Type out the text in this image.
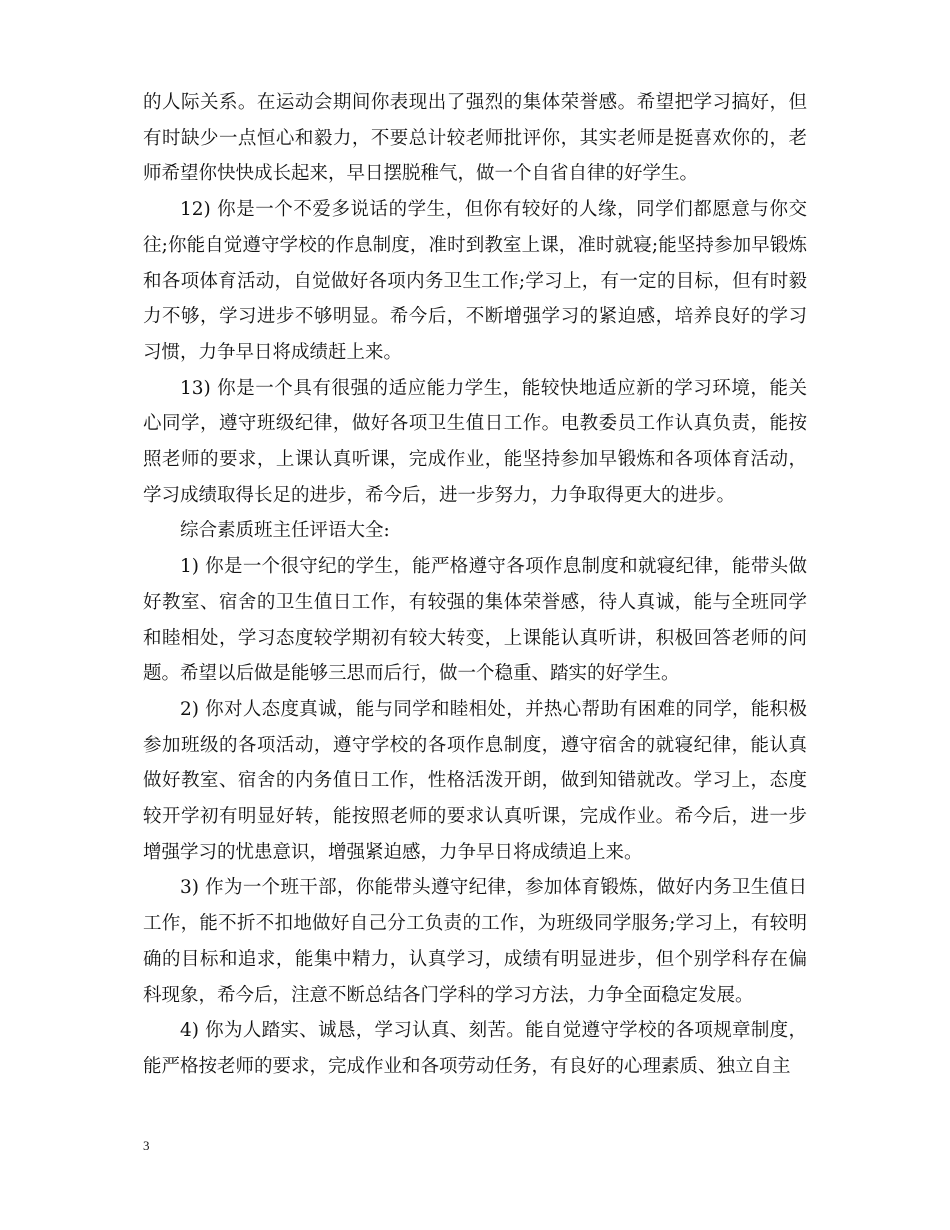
的人际关系。在运动会期间你表现出了强烈的集体荣誉感。希望把学习搞好，但有时缺少一点恒心和毅力，不要总计较老师批评你，其实老师是挺喜欢你的，老师希望你快快成长起来，早日摆脱稚气，做一个自省自律的好学生。

12) 你是一个不爱多说话的学生，但你有较好的人缘，同学们都愿意与你交往;你能自觉遵守学校的作息制度，准时到教室上课，准时就寝;能坚持参加早锻炼和各项体育活动，自觉做好各项内务卫生工作;学习上，有一定的目标，但有时毅力不够，学习进步不够明显。希今后，不断增强学习的紧迫感，培养良好的学习习惯，力争早日将成绩赶上来。

13) 你是一个具有很强的适应能力学生，能较快地适应新的学习环境，能关心同学，遵守班级纪律，做好各项卫生值日工作。电教委员工作认真负责，能按照老师的要求，上课认真听课，完成作业，能坚持参加早锻炼和各项体育活动，学习成绩取得长足的进步，希今后，进一步努力，力争取得更大的进步。

综合素质班主任评语大全:

1) 你是一个很守纪的学生，能严格遵守各项作息制度和就寝纪律，能带头做好教室、宿舍的卫生值日工作，有较强的集体荣誉感，待人真诚，能与全班同学和睦相处，学习态度较学期初有较大转变，上课能认真听讲，积极回答老师的问题。希望以后做是能够三思而后行，做一个稳重、踏实的好学生。

2) 你对人态度真诚，能与同学和睦相处，并热心帮助有困难的同学，能积极参加班级的各项活动，遵守学校的各项作息制度，遵守宿舍的就寝纪律，能认真做好教室、宿舍的内务值日工作，性格活泼开朗，做到知错就改。学习上，态度较开学初有明显好转，能按照老师的要求认真听课，完成作业。希今后，进一步增强学习的忧患意识，增强紧迫感，力争早日将成绩追上来。

3) 作为一个班干部，你能带头遵守纪律，参加体育锻炼，做好内务卫生值日工作，能不折不扣地做好自己分工负责的工作，为班级同学服务;学习上，有较明确的目标和追求，能集中精力，认真学习，成绩有明显进步，但个别学科存在偏科现象，希今后，注意不断总结各门学科的学习方法，力争全面稳定发展。

4) 你为人踏实、诚恳，学习认真、刻苦。能自觉遵守学校的各项规章制度，能严格按老师的要求，完成作业和各项劳动任务，有良好的心理素质、独立自主

3
